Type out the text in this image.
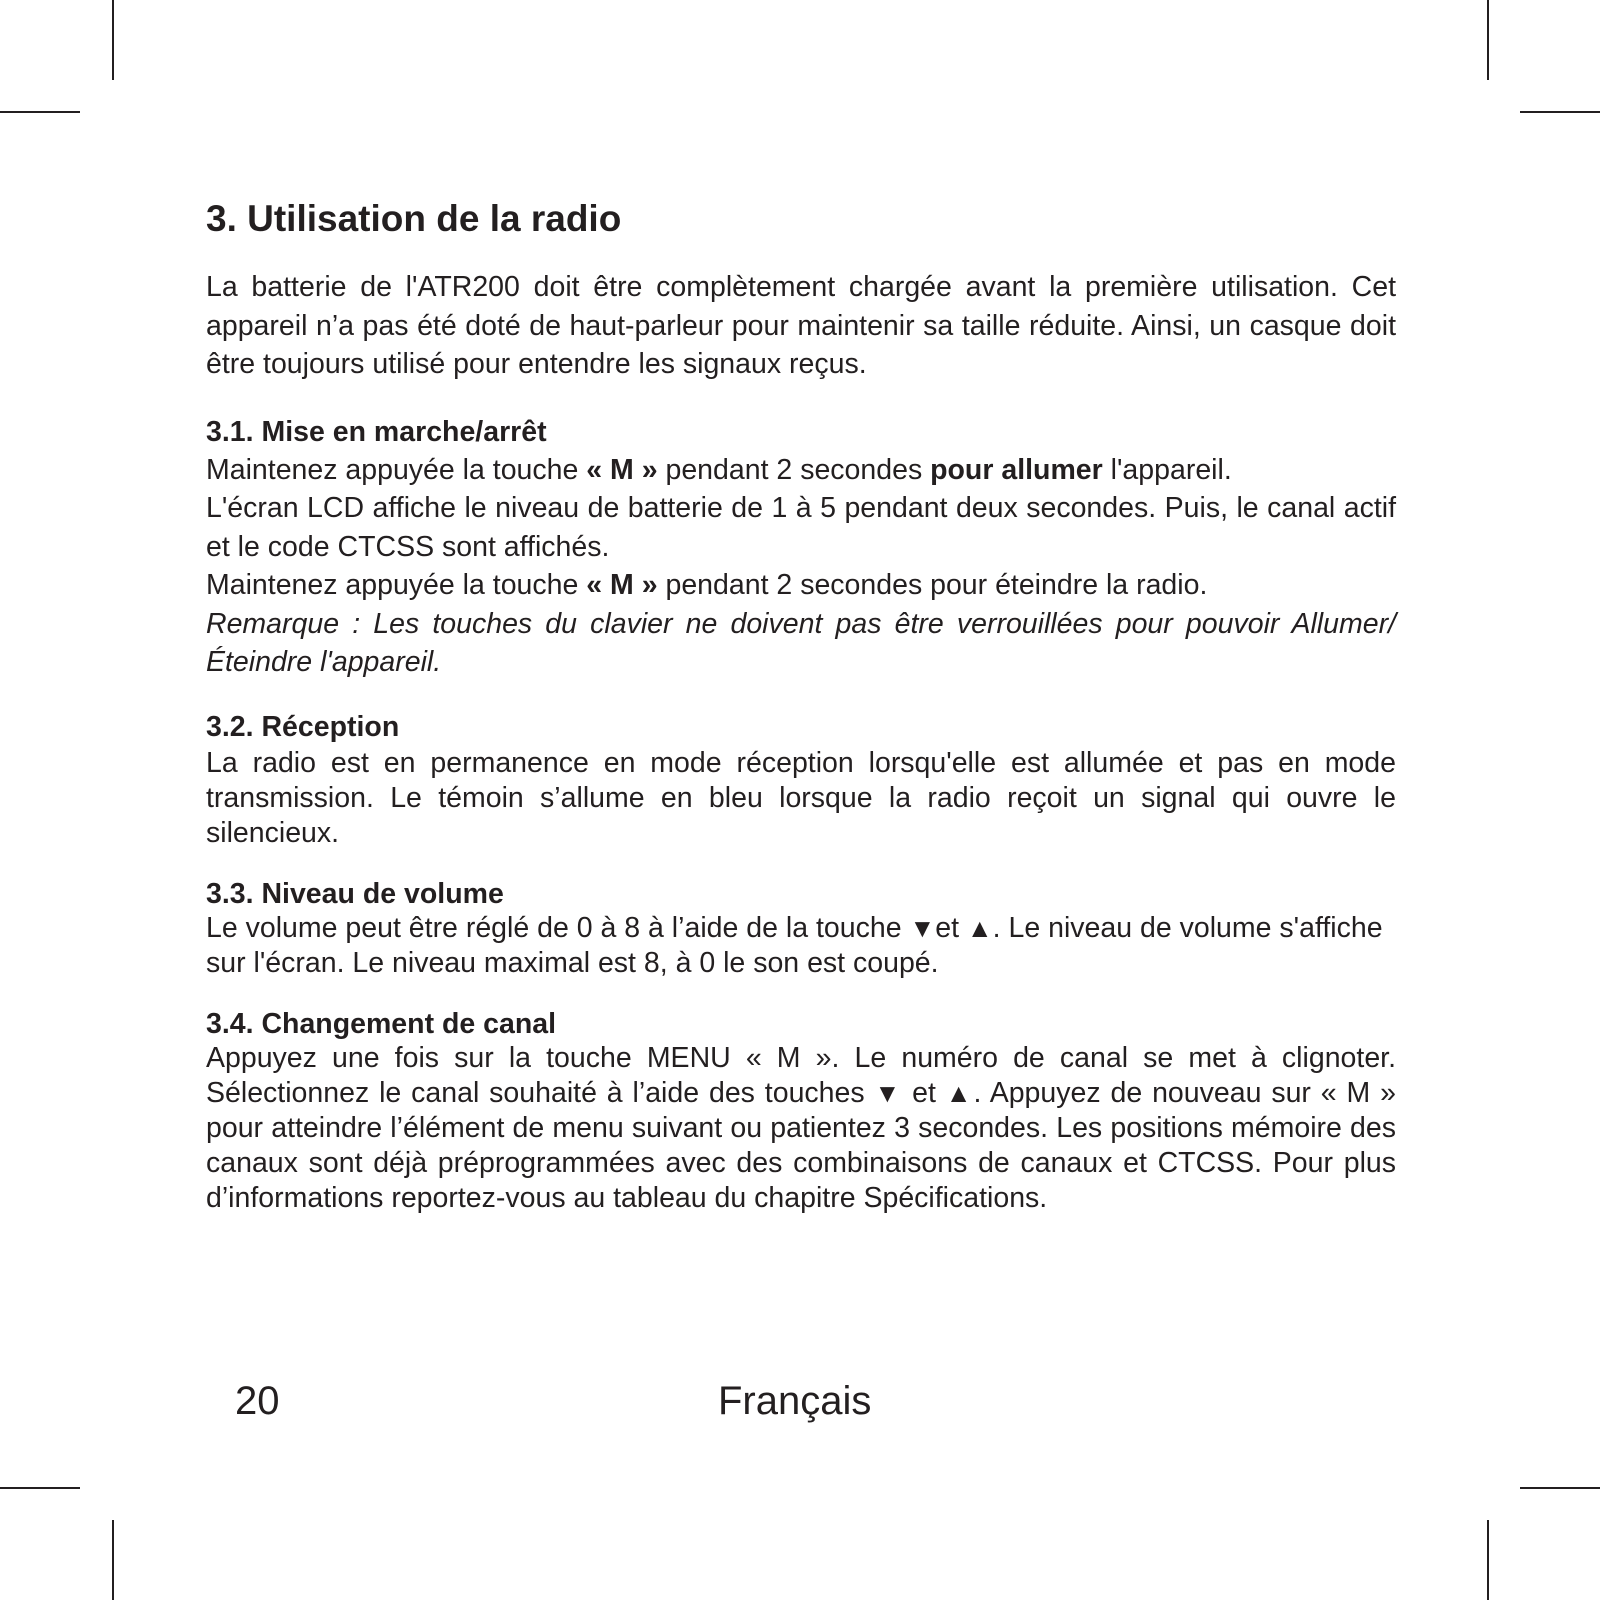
3. Utilisation de la radio

La batterie de l'ATR200 doit être complètement chargée avant la première utilisation. Cet appareil n’a pas été doté de haut-parleur pour maintenir sa taille réduite. Ainsi, un casque doit être toujours utilisé pour entendre les signaux reçus.

3.1. Mise en marche/arrêt

Maintenez appuyée la touche « M » pendant 2 secondes pour allumer l'appareil.

L'écran LCD affiche le niveau de batterie de 1 à 5 pendant deux secondes. Puis, le canal actif et le code CTCSS sont affichés.

Maintenez appuyée la touche « M » pendant 2 secondes pour éteindre la radio.

Remarque : Les touches du clavier ne doivent pas être verrouillées pour pouvoir Allumer/Éteindre l'appareil.

3.2. Réception

La radio est en permanence en mode réception lorsqu'elle est allumée et pas en mode transmission. Le témoin s’allume en bleu lorsque la radio reçoit un signal qui ouvre le silencieux.

3.3. Niveau de volume

Le volume peut être réglé de 0 à 8 à l’aide de la touche ▼et ▲. Le niveau de volume s'affiche sur l'écran. Le niveau maximal est 8, à 0 le son est coupé.

3.4. Changement de canal

Appuyez une fois sur la touche MENU « M ». Le numéro de canal se met à clignoter. Sélectionnez le canal souhaité à l’aide des touches ▼ et ▲. Appuyez de nouveau sur « M » pour atteindre l’élément de menu suivant ou patientez 3 secondes. Les positions mémoire des canaux sont déjà préprogrammées avec des combinaisons de canaux et CTCSS. Pour plus d’informations reportez-vous au tableau du chapitre Spécifications.

20	Français
